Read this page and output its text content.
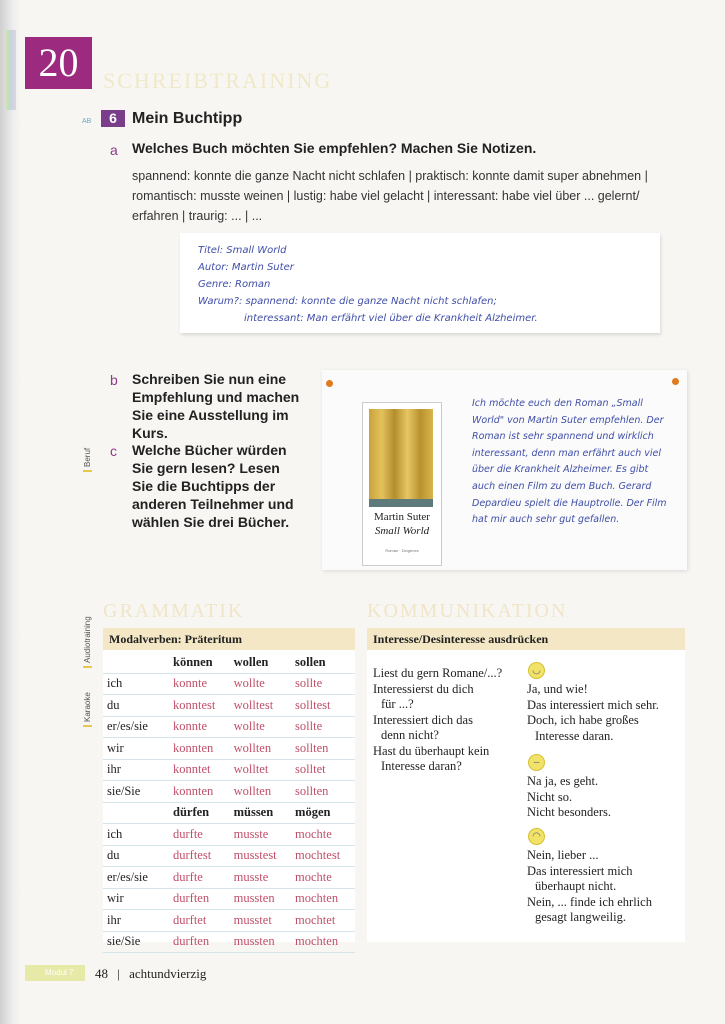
20	SCHREIBTRAINING
AB	6 Mein Buchtipp
a Welches Buch möchten Sie empfehlen? Machen Sie Notizen.
spannend: konnte die ganze Nacht nicht schlafen | praktisch: konnte damit super abnehmen | romantisch: musste weinen | lustig: habe viel gelacht | interessant: habe viel über ... gelernt/ erfahren | traurig: ... | ...
Titel: Small World
Autor: Martin Suter
Genre: Roman
Warum?: spannend: konnte die ganze Nacht nicht schlafen;
interessant: Man erfährt viel über die Krankheit Alzheimer.
b Schreiben Sie nun eine Empfehlung und machen Sie eine Ausstellung im Kurs.
c Welche Bücher würden Sie gern lesen? Lesen Sie die Buchtipps der anderen Teilnehmer und wählen Sie drei Bücher.
Beruf
Martin Suter
Small World
Roman · Diogenes
Ich möchte euch den Roman „Small World" von Martin Suter empfehlen. Der Roman ist sehr spannend und wirklich interessant, denn man erfährt auch viel über die Krankheit Alzheimer. Es gibt auch einen Film zu dem Buch. Gerard Depardieu spielt die Hauptrolle. Der Film hat mir auch sehr gut gefallen.
GRAMMATIK	KOMMUNIKATION
Audiotraining
Karaoke
Modalverben: Präteritum
	können	wollen	sollen
ich	konnte	wollte	sollte
du	konntest	wolltest	solltest
er/es/sie	konnte	wollte	sollte
wir	konnten	wollten	sollten
ihr	konntet	wolltet	solltet
sie/Sie	konnten	wollten	sollten
	dürfen	müssen	mögen
ich	durfte	musste	mochte
du	durftest	musstest	mochtest
er/es/sie	durfte	musste	mochte
wir	durften	mussten	mochten
ihr	durftet	musstet	mochtet
sie/Sie	durften	mussten	mochten
Interesse/Desinteresse ausdrücken
Liest du gern Romane/...?
Interessierst du dich
für ...?
Interessiert dich das
denn nicht?
Hast du überhaupt kein
Interesse daran?
◡
Ja, und wie!
Das interessiert mich sehr.
Doch, ich habe großes
Interesse daran.
–
Na ja, es geht.
Nicht so.
Nicht besonders.
◠
Nein, lieber ...
Das interessiert mich
überhaupt nicht.
Nein, ... finde ich ehrlich
gesagt langweilig.
Modul 7 48 | achtundvierzig
